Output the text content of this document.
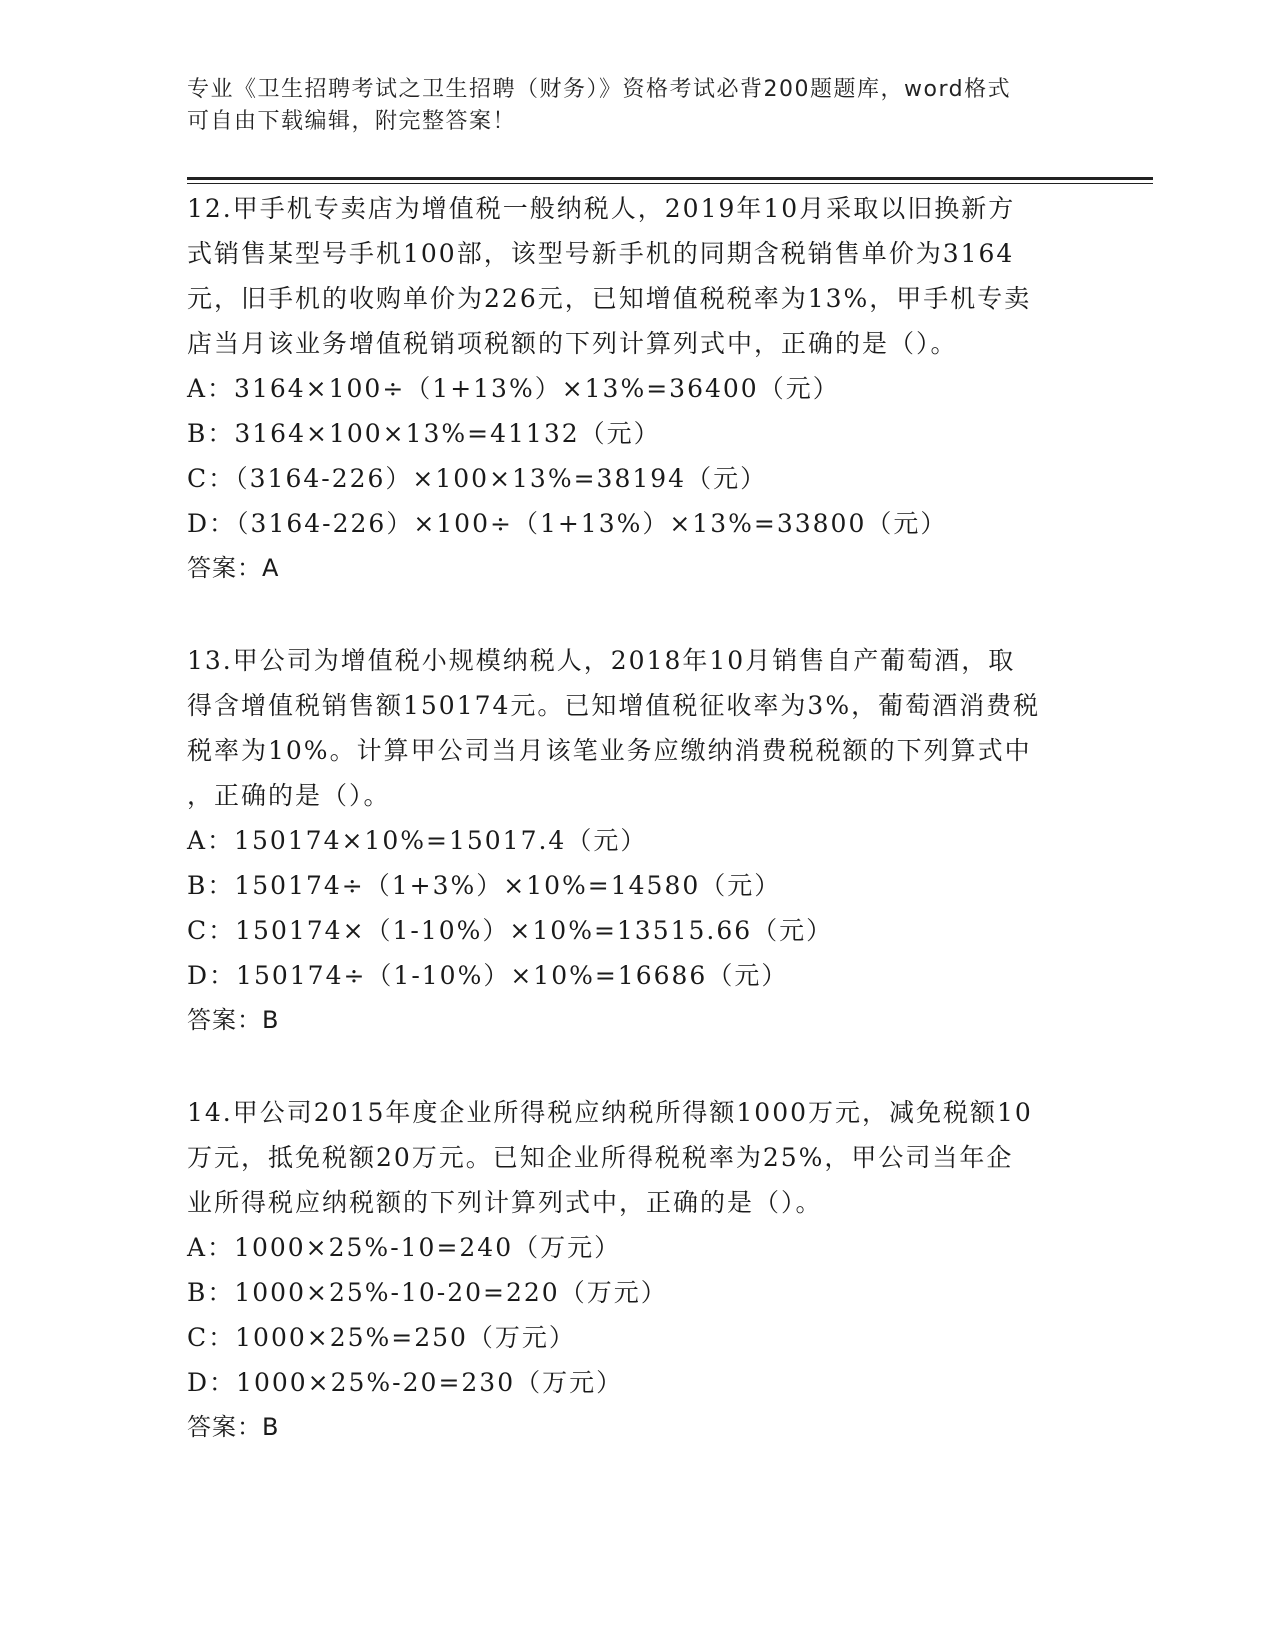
专业《卫生招聘考试之卫生招聘（财务）》资格考试必背200题题库，word格式
可自由下载编辑，附完整答案！
12.甲手机专卖店为增值税一般纳税人，2019年10月采取以旧换新方
式销售某型号手机100部，该型号新手机的同期含税销售单价为3164
元，旧手机的收购单价为226元，已知增值税税率为13%，甲手机专卖
店当月该业务增值税销项税额的下列计算列式中，正确的是（）。
A：3164×100÷（1+13%）×13%=36400（元）
B：3164×100×13%=41132（元）
C：（3164-226）×100×13%=38194（元）
D：（3164-226）×100÷（1+13%）×13%=33800（元）
答案：A
13.甲公司为增值税小规模纳税人，2018年10月销售自产葡萄酒，取
得含增值税销售额150174元。已知增值税征收率为3%，葡萄酒消费税
税率为10%。计算甲公司当月该笔业务应缴纳消费税税额的下列算式中
，正确的是（）。
A：150174×10%=15017.4（元）
B：150174÷（1+3%）×10%=14580（元）
C：150174×（1-10%）×10%=13515.66（元）
D：150174÷（1-10%）×10%=16686（元）
答案：B
14.甲公司2015年度企业所得税应纳税所得额1000万元，减免税额10
万元，抵免税额20万元。已知企业所得税税率为25%，甲公司当年企
业所得税应纳税额的下列计算列式中，正确的是（）。
A：1000×25%-10=240（万元）
B：1000×25%-10-20=220（万元）
C：1000×25%=250（万元）
D：1000×25%-20=230（万元）
答案：B
